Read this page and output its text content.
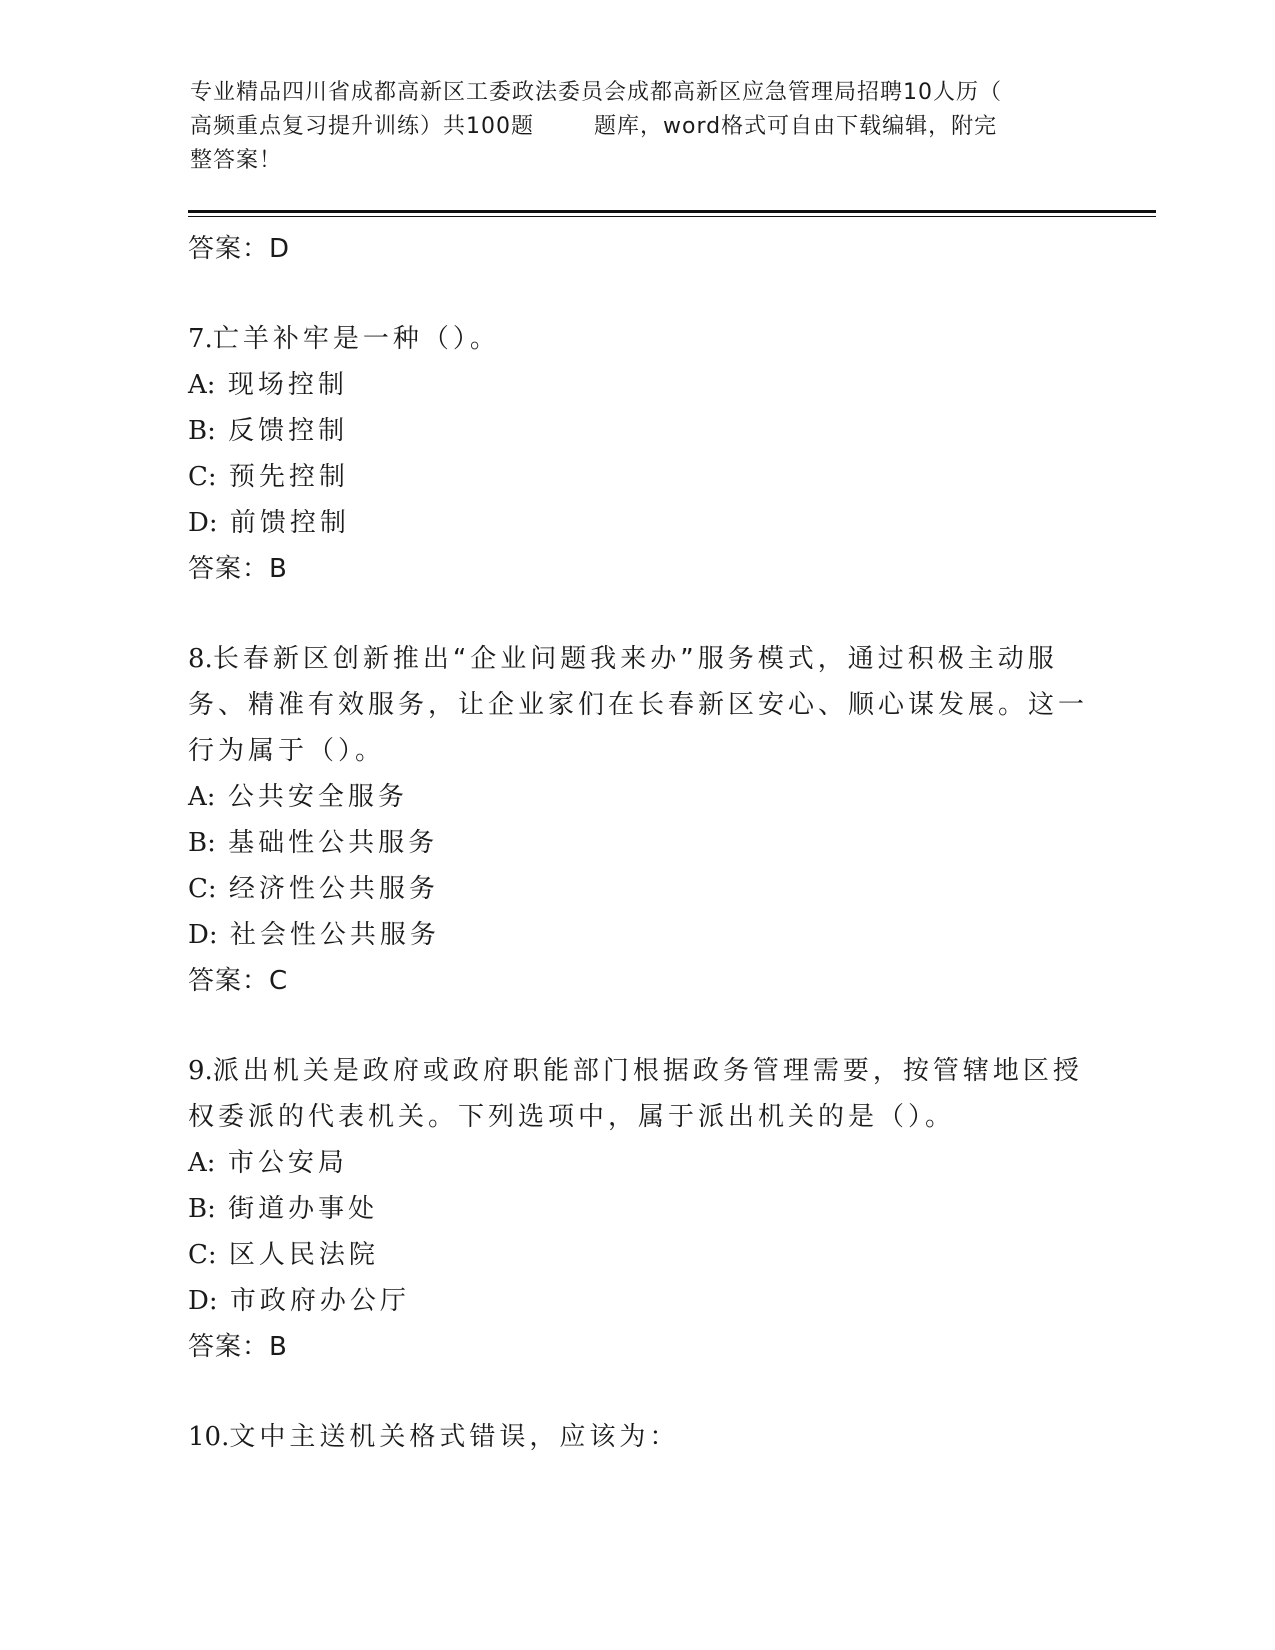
专业精品四川省成都高新区工委政法委员会成都高新区应急管理局招聘10人历（
高频重点复习提升训练）共100题	题库，word格式可自由下载编辑，附完
整答案！

答案：D

7.亡羊补牢是一种（）。

A: 现场控制

B: 反馈控制

C: 预先控制

D: 前馈控制

答案：B

8.长春新区创新推出“企业问题我来办”服务模式，通过积极主动服务、精准有效服务，让企业家们在长春新区安心、顺心谋发展。这一行为属于（）。

A: 公共安全服务

B: 基础性公共服务

C: 经济性公共服务

D: 社会性公共服务

答案：C

9.派出机关是政府或政府职能部门根据政务管理需要，按管辖地区授权委派的代表机关。下列选项中，属于派出机关的是（）。

A: 市公安局

B: 街道办事处

C: 区人民法院

D: 市政府办公厅

答案：B

10.文中主送机关格式错误，应该为：
